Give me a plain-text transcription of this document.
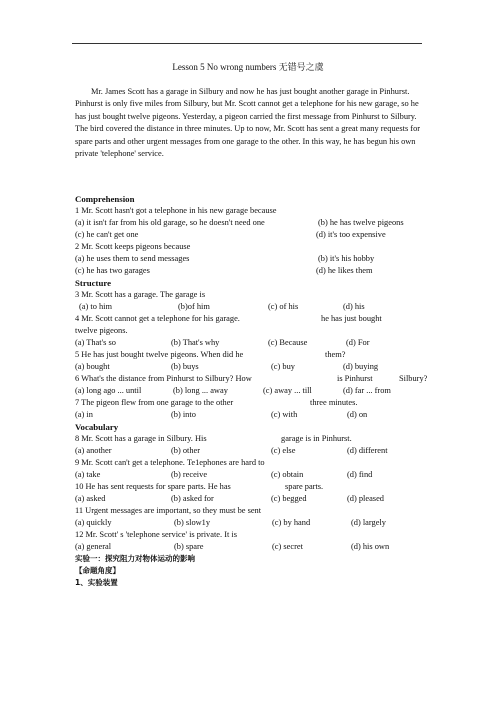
Lesson 5 No wrong numbers 无错号之虞

Mr. James Scott has a garage in Silbury and now he has just bought another garage in Pinhurst. Pinhurst is only five miles from Silbury, but Mr. Scott cannot get a telephone for his new garage, so he has just bought twelve pigeons. Yesterday, a pigeon carried the first message from Pinhurst to Silbury. The bird covered the distance in three minutes. Up to now, Mr. Scott has sent a great many requests for spare parts and other urgent messages from one garage to the other. In this way, he has begun his own private 'telephone' service.

Comprehension
1 Mr. Scott hasn't got a telephone in his new garage because
(a) it isn't far from his old garage, so he doesn't need one	(b) he has twelve pigeons
(c) he can't get one	(d) it's too expensive
2 Mr. Scott keeps pigeons because
(a) he uses them to send messages	(b) it's his hobby
(c) he has two garages	(d) he likes them
Structure
3 Mr. Scott has a garage. The garage is
(a) to him	(b)of him	(c) of his	(d) his
4 Mr. Scott cannot get a telephone for his garage.	he has just bought
twelve pigeons.
(a) That's so	(b) That's why	(c) Because	(d) For
5 He has just bought twelve pigeons. When did he	them?
(a) bought	(b) buys	(c) buy	(d) buying
6 What's the distance from Pinhurst to Silbury? How	is Pinhurst	Silbury?
(a) long ago ... until	(b) long ... away	(c) away ... till	(d) far ... from
7 The pigeon flew from one garage to the other	three minutes.
(a) in	(b) into	(c) with	(d) on
Vocabulary
8 Mr. Scott has a garage in Silbury. His	garage is in Pinhurst.
(a) another	(b) other	(c) else	(d) different
9 Mr. Scott can't get a telephone. Te1ephones are hard to
(a) take	(b) receive	(c) obtain	(d) find
10 He has sent requests for spare parts. He has	spare parts.
(a) asked	(b) asked for	(c) begged	(d) pleased
11 Urgent messages are important, so they must be sent
(a) quickly	(b) slow1y	(c) by hand	(d) largely
12 Mr. Scott' s 'telephone service' is private. It is
(a) general	(b) spare	(c) secret	(d) his own
实验一：探究阻力对物体运动的影响
【命题角度】
1、实验装置
